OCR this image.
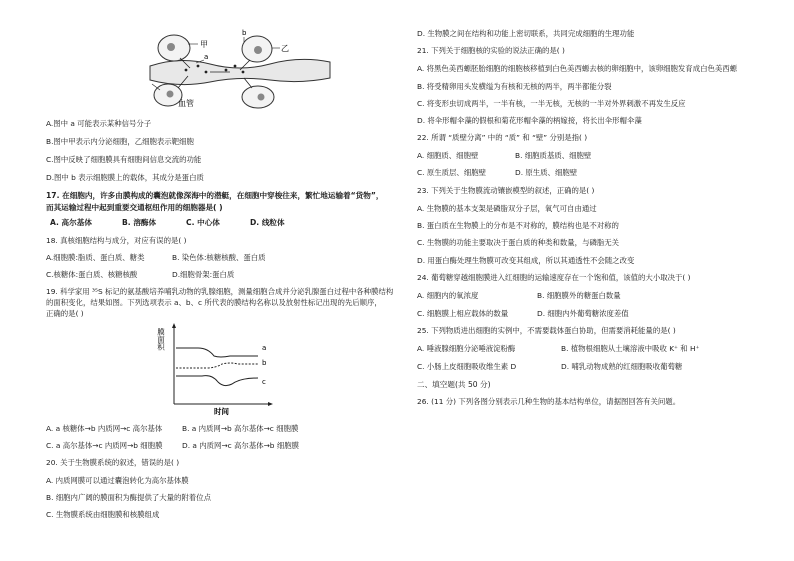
甲
a
b
乙
血管
A.图中 a 可能表示某种信号分子
B.图中甲表示内分泌细胞，乙细胞表示靶细胞
C.图中反映了细胞膜具有细胞间信息交流的功能
D.图中 b 表示细胞膜上的载体，其成分是蛋白质
17. 在细胞内，许多由膜构成的囊泡就像深海中的潜艇，在细胞中穿梭往来，繁忙地运输着“货物”，
而其运输过程中起到重要交通枢纽作用的细胞器是( )
A. 高尔基体	B. 溶酶体	C. 中心体	D. 线粒体
18. 真核细胞结构与成分，对应有误的是( )
A.细胞膜:脂质、蛋白质、糖类	B. 染色体:核糖核酸、蛋白质
C.核糖体:蛋白质、核糖核酸	D.细胞骨架:蛋白质
19. 科学家用 ³⁵S 标记的氨基酸培养哺乳动物的乳腺细胞，测量细胞合成并分泌乳腺蛋白过程中各种膜结构
的面积变化，结果如图。下列选项表示 a、b、c 所代表的膜结构名称以及放射性标记出现的先后顺序，
正确的是( )
膜面积	a
b
c
时间
A. a 核糖体→b 内质网→c 高尔基体	B. a 内质网→b 高尔基体→c 细胞膜
C. a 高尔基体→c 内质网→b 细胞膜	D. a 内质网→c 高尔基体→b 细胞膜
20. 关于生物膜系统的叙述，错误的是( )
A. 内质网膜可以通过囊泡转化为高尔基体膜
B. 细胞内广阔的膜面积为酶提供了大量的附着位点
C. 生物膜系统由细胞膜和核膜组成
D. 生物膜之间在结构和功能上密切联系，共同完成细胞的生理功能
21. 下列关于细胞核的实验的说法正确的是( )
A. 将黑色美西螈胚胎细胞的细胞核移植到白色美西螈去核的卵细胞中，该卵细胞发育成白色美西螈
B. 将受精卵用头发横缢为有核和无核的两半，两半都能分裂
C. 将变形虫切成两半，一半有核，一半无核，无核的一半对外界刺激不再发生反应
D. 将伞形帽伞藻的假根和菊花形帽伞藻的柄嫁接，将长出伞形帽伞藻
22. 所谓 “质壁分离” 中的 “质” 和 “壁” 分别是指( )
A. 细胞质、细胞壁	B. 细胞质基质、细胞壁
C. 原生质层、细胞壁	D. 原生质、细胞壁
23. 下列关于生物膜流动镶嵌模型的叙述，正确的是( )
A. 生物膜的基本支架是磷脂双分子层，氧气可自由通过
B. 蛋白质在生物膜上的分布是不对称的，膜结构也是不对称的
C. 生物膜的功能主要取决于蛋白质的种类和数量，与磷脂无关
D. 用蛋白酶处理生物膜可改变其组成，所以其通透性不会随之改变
24. 葡萄糖穿越细胞膜进入红细胞的运输速度存在一个饱和值，该值的大小取决于( )
A. 细胞内的氧浓度	B. 细胞膜外的糖蛋白数量
C. 细胞膜上相应载体的数量	D. 细胞内外葡萄糖浓度差值
25. 下列物质进出细胞的实例中，不需要载体蛋白协助，但需要消耗能量的是( )
A. 唾液腺细胞分泌唾液淀粉酶	B. 植物根细胞从土壤溶液中吸收 K⁺ 和 H⁺
C. 小肠上皮细胞吸收维生素 D	D. 哺乳动物成熟的红细胞吸收葡萄糖
二、填空题(共 50 分)
26. (11 分) 下列各图分别表示几种生物的基本结构单位，请据图回答有关问题。
